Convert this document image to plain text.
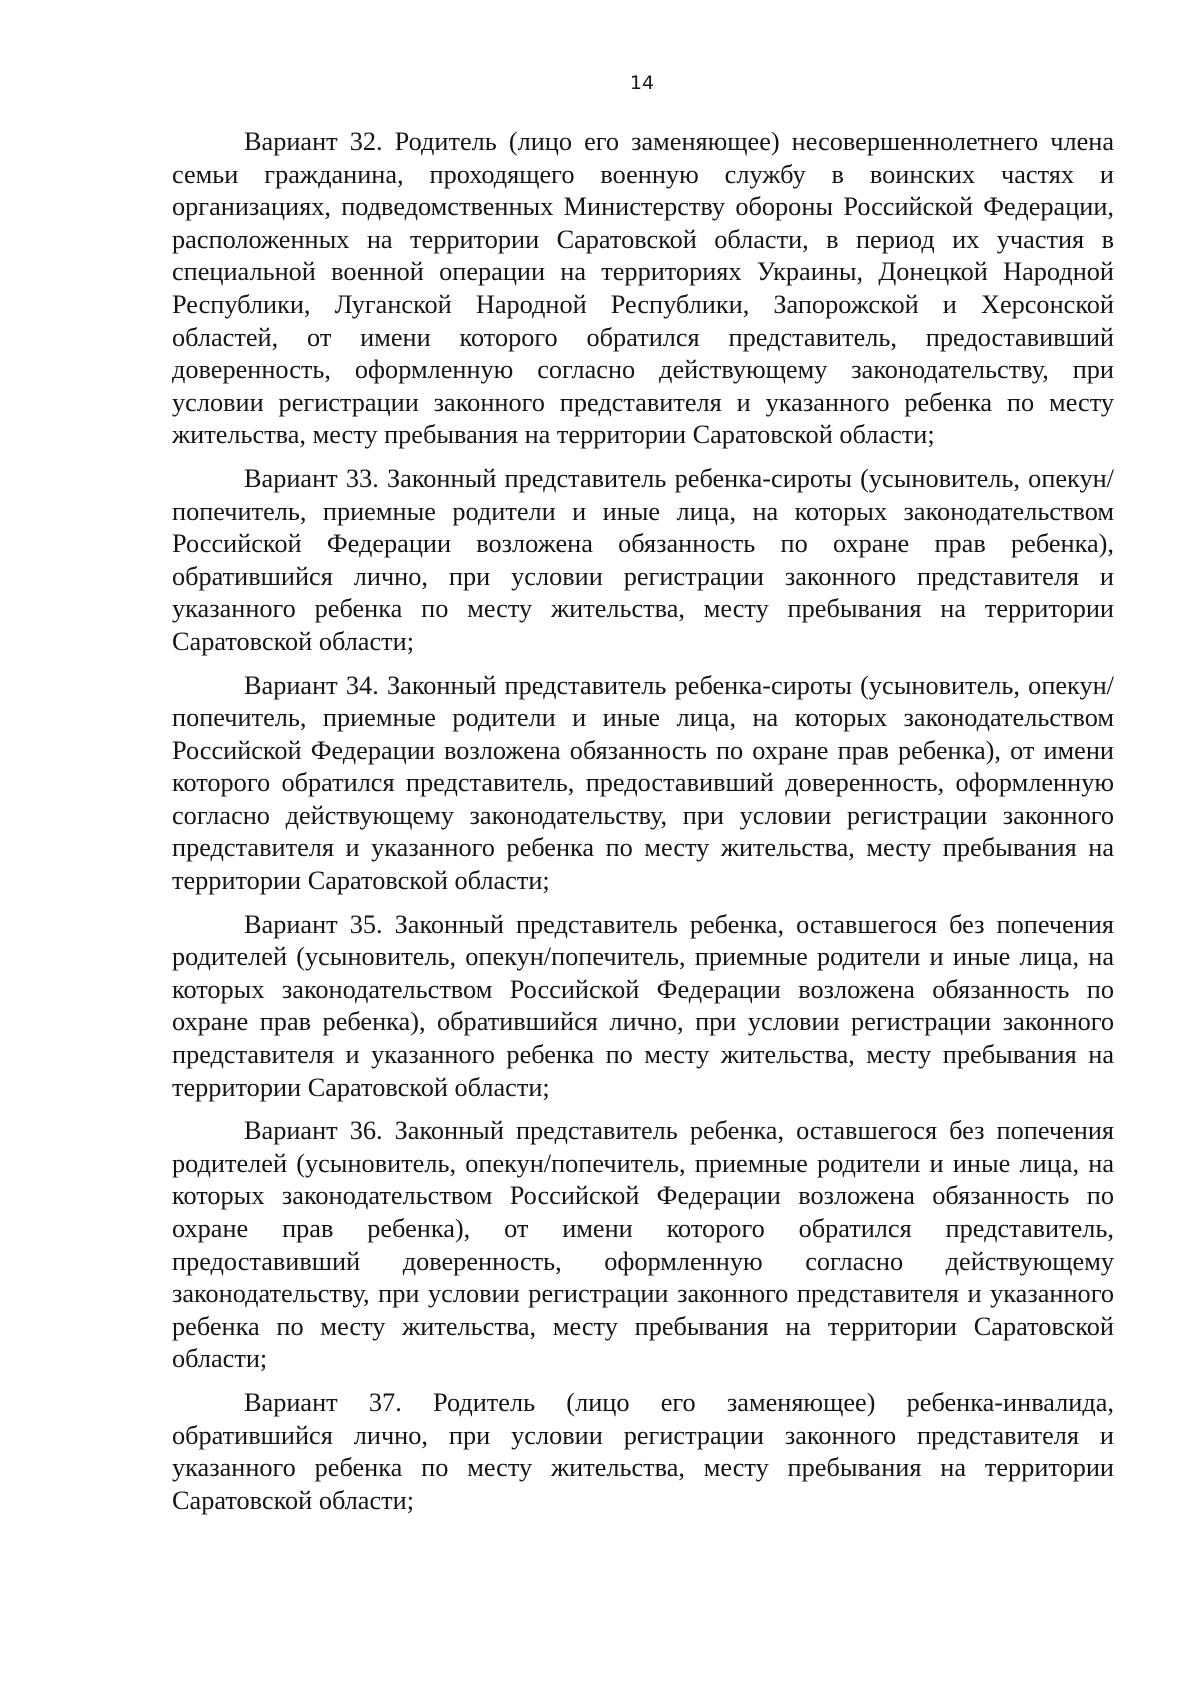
14

Вариант 32. Родитель (лицо его заменяющее) несовершеннолетнего члена семьи гражданина, проходящего военную службу в воинских частях и организациях, подведомственных Министерству обороны Российской Федерации, расположенных на территории Саратовской области, в период их участия в специальной военной операции на территориях Украины, Донецкой Народной Республики, Луганской Народной Республики, Запорожской и Херсонской областей, от имени которого обратился представитель, предоставивший доверенность, оформленную согласно действующему законодательству, при условии регистрации законного представителя и указанного ребенка по месту жительства, месту пребывания на территории Саратовской области;

Вариант 33. Законный представитель ребенка-сироты (усыновитель, опекун/попечитель, приемные родители и иные лица, на которых законодательством Российской Федерации возложена обязанность по охране прав ребенка), обратившийся лично, при условии регистрации законного представителя и указанного ребенка по месту жительства, месту пребывания на территории Саратовской области;

Вариант 34. Законный представитель ребенка-сироты (усыновитель, опекун/попечитель, приемные родители и иные лица, на которых законодательством Российской Федерации возложена обязанность по охране прав ребенка), от имени которого обратился представитель, предоставивший доверенность, оформленную согласно действующему законодательству, при условии регистрации законного представителя и указанного ребенка по месту жительства, месту пребывания на территории Саратовской области;

Вариант 35. Законный представитель ребенка, оставшегося без попечения родителей (усыновитель, опекун/попечитель, приемные родители и иные лица, на которых законодательством Российской Федерации возложена обязанность по охране прав ребенка), обратившийся лично, при условии регистрации законного представителя и указанного ребенка по месту жительства, месту пребывания на территории Саратовской области;

Вариант 36. Законный представитель ребенка, оставшегося без попечения родителей (усыновитель, опекун/попечитель, приемные родители и иные лица, на которых законодательством Российской Федерации возложена обязанность по охране прав ребенка), от имени которого обратился представитель, предоставивший доверенность, оформленную согласно действующему законодательству, при условии регистрации законного представителя и указанного ребенка по месту жительства, месту пребывания на территории Саратовской области;

Вариант 37. Родитель (лицо его заменяющее) ребенка-инвалида, обратившийся лично, при условии регистрации законного представителя и указанного ребенка по месту жительства, месту пребывания на территории Саратовской области;
